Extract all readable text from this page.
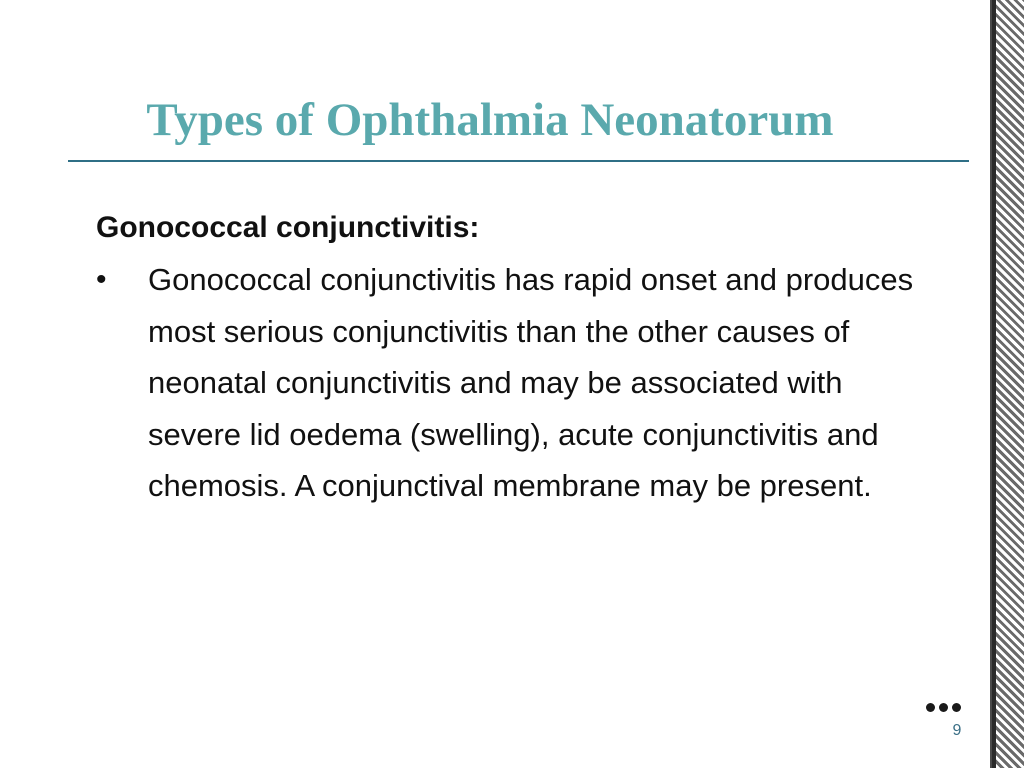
Types of Ophthalmia Neonatorum

Gonococcal conjunctivitis:

•	Gonococcal conjunctivitis has rapid onset and produces most serious conjunctivitis than the other causes of neonatal conjunctivitis and may be associated with severe lid oedema (swelling), acute conjunctivitis and chemosis. A conjunctival membrane may be present.
9
